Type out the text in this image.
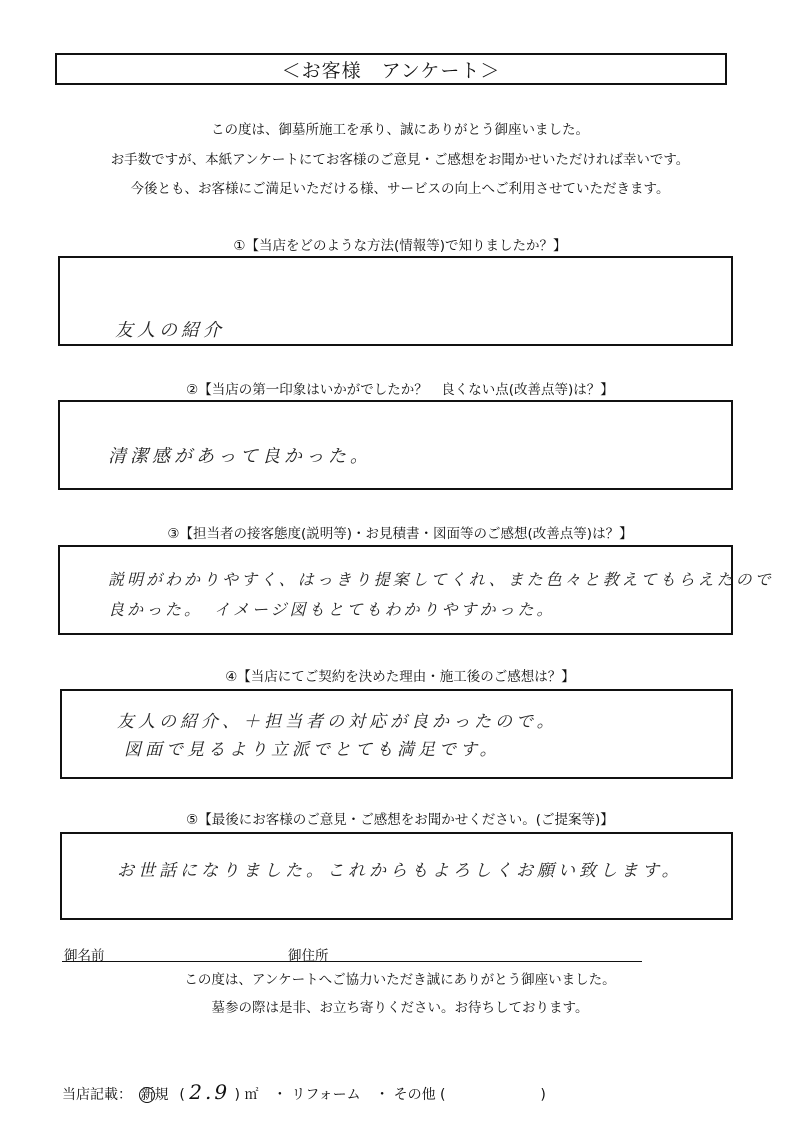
＜お客様　アンケート＞
この度は、御墓所施工を承り、誠にありがとう御座いました。
お手数ですが、本紙アンケートにてお客様のご意見・ご感想をお聞かせいただければ幸いです。
今後とも、お客様にご満足いただける様、サービスの向上へご利用させていただきます。
①【当店をどのような方法(情報等)で知りましたか？】
友人の紹介
②【当店の第一印象はいかがでしたか？　良くない点(改善点等)は？】
清潔感があって良かった。
③【担当者の接客態度(説明等)・お見積書・図面等のご感想(改善点等)は？】
説明がわかりやすく、はっきり提案してくれ、また色々と教えてもらえたので
良かった。　イメージ図もとてもわかりやすかった。
④【当店にてご契約を決めた理由・施工後のご感想は？】
友人の紹介、＋担当者の対応が良かったので。
図面で見るより立派でとても満足です。
⑤【最後にお客様のご意見・ご感想をお聞かせください。(ご提案等)】
お世話になりました。これからもよろしくお願い致します。
御名前	御住所
この度は、アンケートへご協力いただき誠にありがとう御座いました。
墓参の際は是非、お立ち寄りください。お待ちしております。
当店記載： 新規 ( 2.9 ) ㎡ ・ リフォーム ・ その他 (	)
